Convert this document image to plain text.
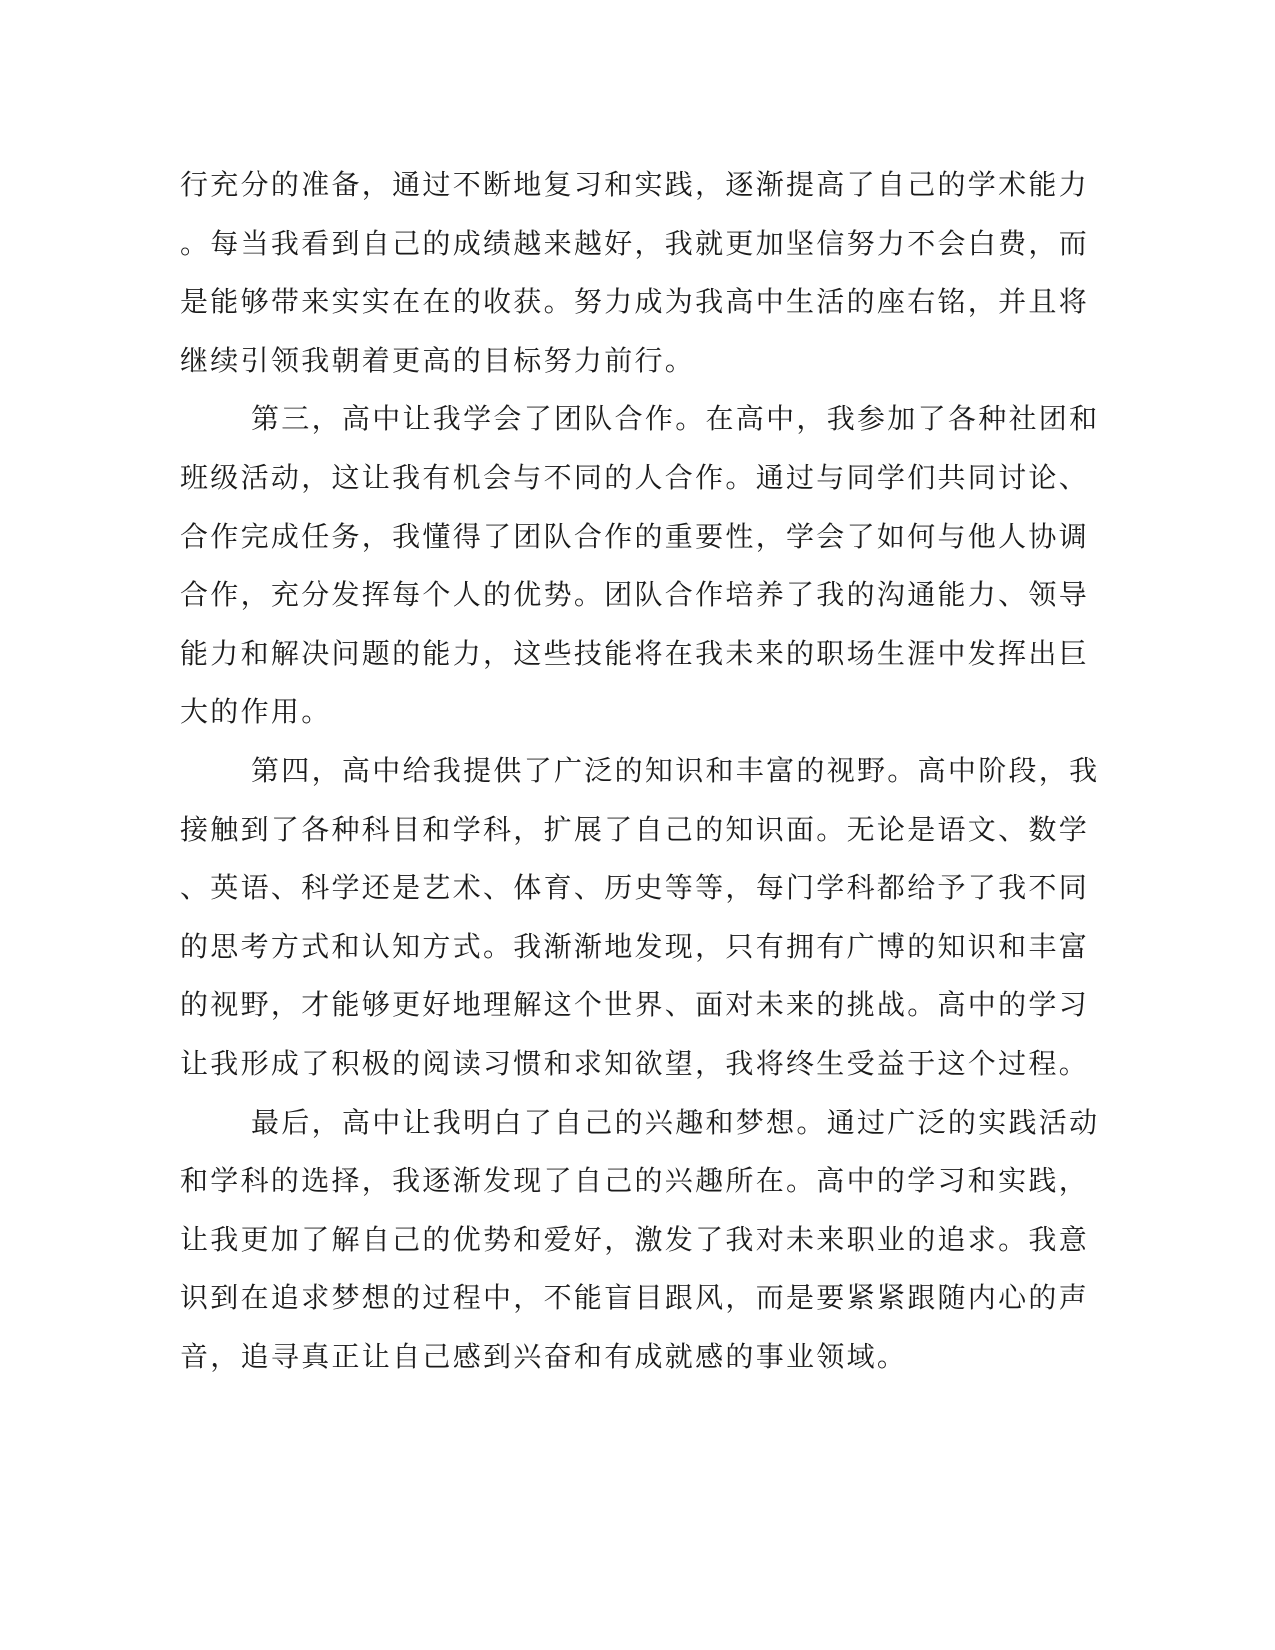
行充分的准备，通过不断地复习和实践，逐渐提高了自己的学术能力
。每当我看到自己的成绩越来越好，我就更加坚信努力不会白费，而
是能够带来实实在在的收获。努力成为我高中生活的座右铭，并且将
继续引领我朝着更高的目标努力前行。
第三，高中让我学会了团队合作。在高中，我参加了各种社团和
班级活动，这让我有机会与不同的人合作。通过与同学们共同讨论、
合作完成任务，我懂得了团队合作的重要性，学会了如何与他人协调
合作，充分发挥每个人的优势。团队合作培养了我的沟通能力、领导
能力和解决问题的能力，这些技能将在我未来的职场生涯中发挥出巨
大的作用。
第四，高中给我提供了广泛的知识和丰富的视野。高中阶段，我
接触到了各种科目和学科，扩展了自己的知识面。无论是语文、数学
、英语、科学还是艺术、体育、历史等等，每门学科都给予了我不同
的思考方式和认知方式。我渐渐地发现，只有拥有广博的知识和丰富
的视野，才能够更好地理解这个世界、面对未来的挑战。高中的学习
让我形成了积极的阅读习惯和求知欲望，我将终生受益于这个过程。
最后，高中让我明白了自己的兴趣和梦想。通过广泛的实践活动
和学科的选择，我逐渐发现了自己的兴趣所在。高中的学习和实践，
让我更加了解自己的优势和爱好，激发了我对未来职业的追求。我意
识到在追求梦想的过程中，不能盲目跟风，而是要紧紧跟随内心的声
音，追寻真正让自己感到兴奋和有成就感的事业领域。
